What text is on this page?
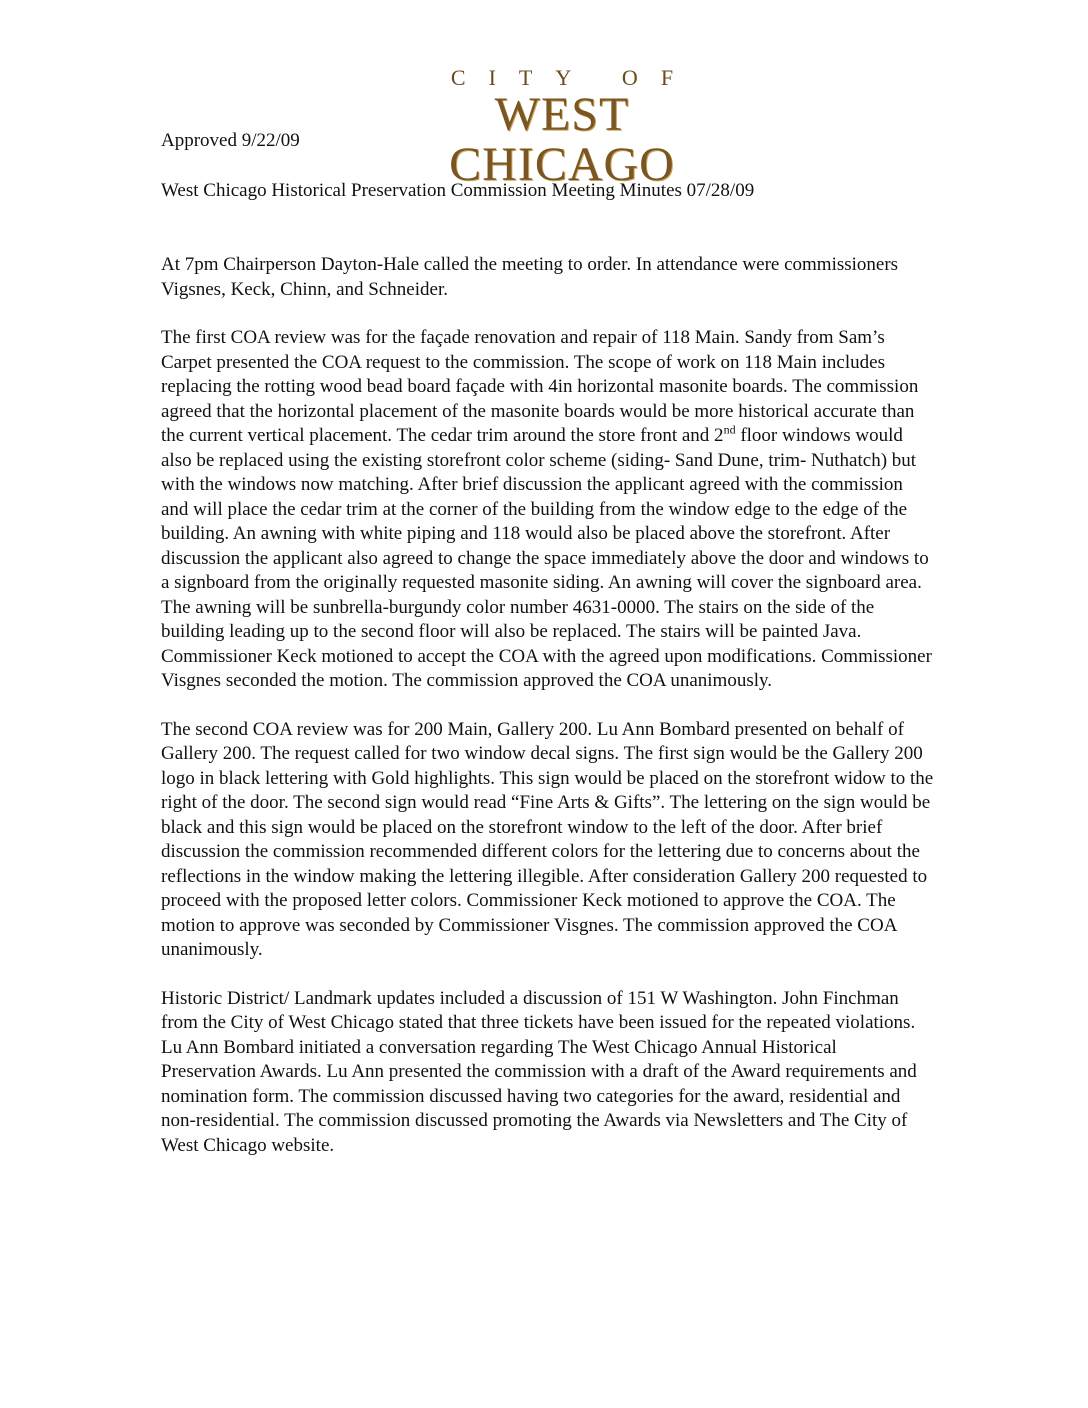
CITY OF
WEST CHICAGO
Approved 9/22/09
West Chicago Historical Preservation Commission Meeting Minutes 07/28/09

At 7pm Chairperson Dayton-Hale called the meeting to order. In attendance were commissioners Vigsnes, Keck, Chinn, and Schneider.

The first COA review was for the façade renovation and repair of 118 Main. Sandy from Sam’s Carpet presented the COA request to the commission. The scope of work on 118 Main includes replacing the rotting wood bead board façade with 4in horizontal masonite boards. The commission agreed that the horizontal placement of the masonite boards would be more historical accurate than the current vertical placement. The cedar trim around the store front and 2nd floor windows would also be replaced using the existing storefront color scheme (siding- Sand Dune, trim- Nuthatch) but with the windows now matching. After brief discussion the applicant agreed with the commission and will place the cedar trim at the corner of the building from the window edge to the edge of the building. An awning with white piping and 118 would also be placed above the storefront. After discussion the applicant also agreed to change the space immediately above the door and windows to a signboard from the originally requested masonite siding. An awning will cover the signboard area. The awning will be sunbrella-burgundy color number 4631-0000. The stairs on the side of the building leading up to the second floor will also be replaced. The stairs will be painted Java. Commissioner Keck motioned to accept the COA with the agreed upon modifications. Commissioner Visgnes seconded the motion. The commission approved the COA unanimously.

The second COA review was for 200 Main, Gallery 200. Lu Ann Bombard presented on behalf of Gallery 200. The request called for two window decal signs. The first sign would be the Gallery 200 logo in black lettering with Gold highlights. This sign would be placed on the storefront widow to the right of the door. The second sign would read “Fine Arts & Gifts”. The lettering on the sign would be black and this sign would be placed on the storefront window to the left of the door. After brief discussion the commission recommended different colors for the lettering due to concerns about the reflections in the window making the lettering illegible. After consideration Gallery 200 requested to proceed with the proposed letter colors. Commissioner Keck motioned to approve the COA. The motion to approve was seconded by Commissioner Visgnes. The commission approved the COA unanimously.

Historic District/ Landmark updates included a discussion of 151 W Washington. John Finchman from the City of West Chicago stated that three tickets have been issued for the repeated violations. Lu Ann Bombard initiated a conversation regarding The West Chicago Annual Historical Preservation Awards. Lu Ann presented the commission with a draft of the Award requirements and nomination form. The commission discussed having two categories for the award, residential and non-residential. The commission discussed promoting the Awards via Newsletters and The City of West Chicago website.
